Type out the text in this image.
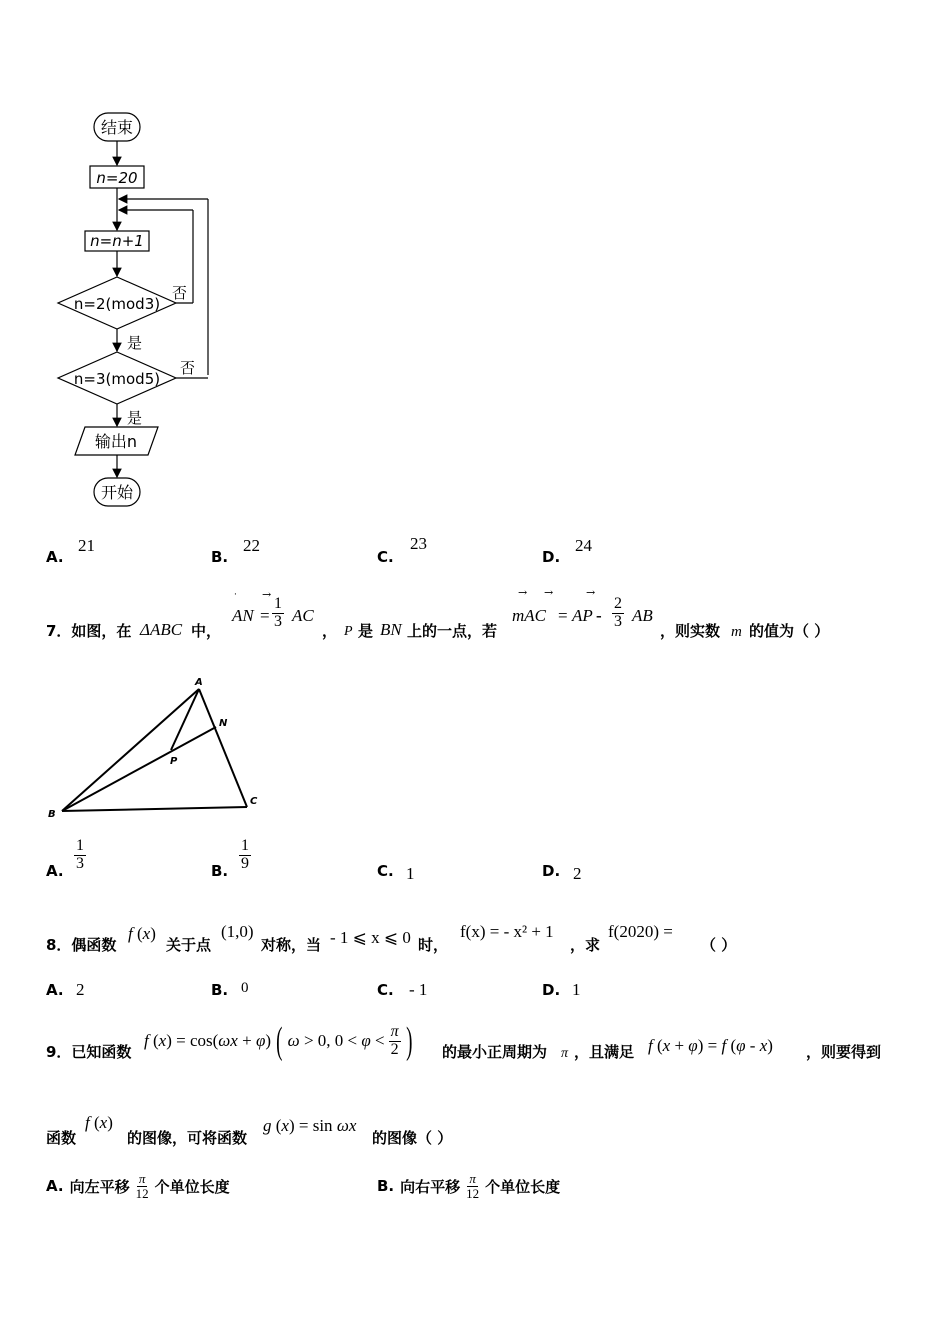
结束
n=20
n=n+1
n=2(mod3)
否
是
n=3(mod5)
否
是
输出n
开始
A.
21
B.
22
C.
23
D.
24
7．如图，在 ΔABC 中，
· →
AN = $\frac{1}{3}$ AC
， P 是 BN 上的一点，若
→ →	→
mAC = AP - $\frac{2}{3}$ AB
，则实数 m 的值为（ ）
A
N
P
B
C
A. $\frac{1}{3}$	B. $\frac{1}{9}$	C. 1	D. 2
8．偶函数
f (x)
关于点
(1,0)
对称，当 - 1 ⩽ x ⩽ 0 时，
f(x) = - x² + 1
，求
f(2020) =
（ ）
A. 2	B. 0	C. - 1	D. 1
9．已知函数
f (x) = cos(ωx + φ) ( ω > 0, $0 < \varphi < \frac{\pi}{2}$ ) 的最小正周期为 π ，且满足 f (x + φ) = f (φ - x) ，则要得到
函数
f (x)
的图像，可将函数
g (x) = sin ωx
的图像（ ）
A. 向左平移 $\frac{\pi}{12}$ 个单位长度	B. 向右平移 $\frac{\pi}{12}$ 个单位长度
